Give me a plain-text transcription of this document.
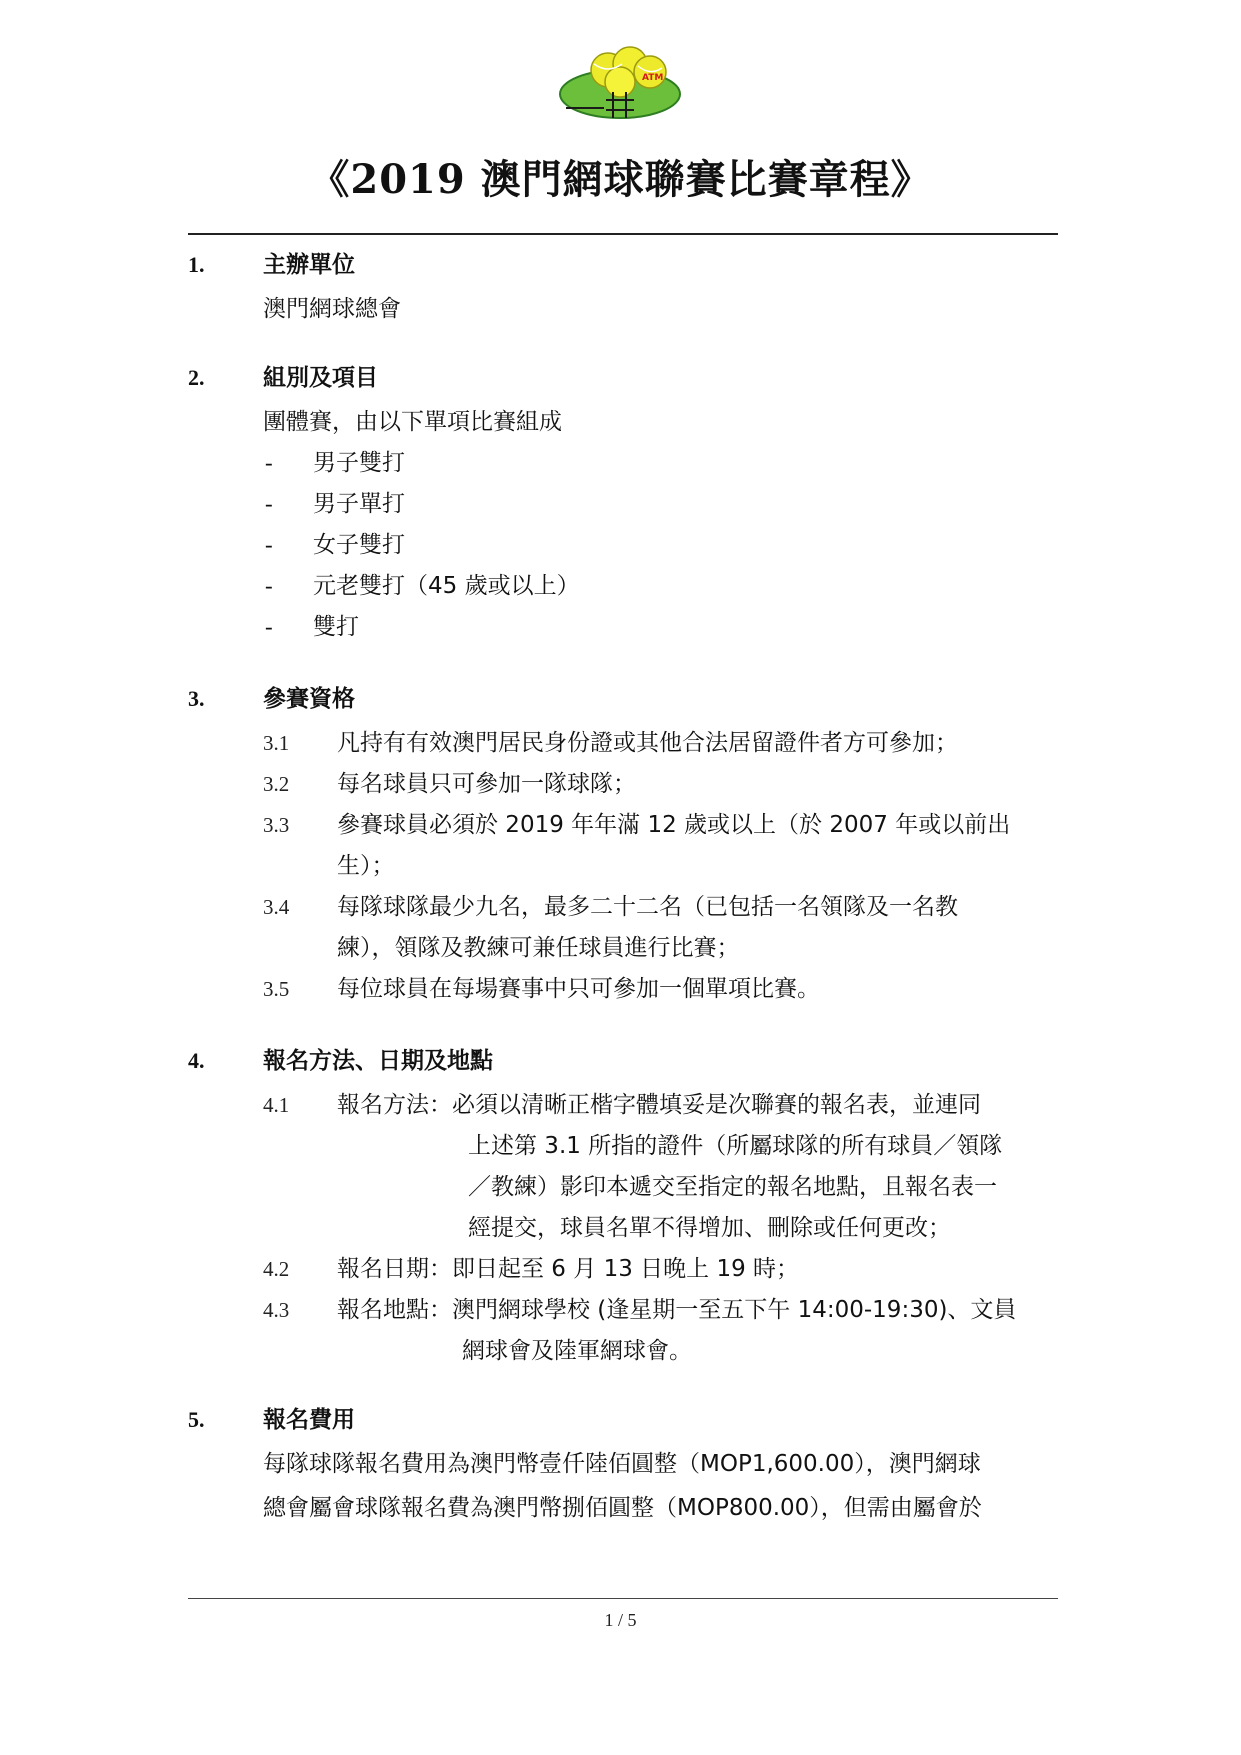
ATM
《2019 澳門網球聯賽比賽章程》
1.	主辦單位
澳門網球總會
2.	組別及項目
團體賽，由以下單項比賽組成
- 男子雙打
- 男子單打
- 女子雙打
- 元老雙打（45 歲或以上）
- 雙打
3.	參賽資格
3.1 凡持有有效澳門居民身份證或其他合法居留證件者方可參加；
3.2 每名球員只可參加一隊球隊；
3.3 參賽球員必須於 2019 年年滿 12 歲或以上（於 2007 年或以前出
生）；
3.4 每隊球隊最少九名，最多二十二名（已包括一名領隊及一名教
練），領隊及教練可兼任球員進行比賽；
3.5 每位球員在每場賽事中只可參加一個單項比賽。
4.	報名方法、日期及地點
4.1 報名方法：必須以清晰正楷字體填妥是次聯賽的報名表，並連同
上述第 3.1 所指的證件（所屬球隊的所有球員／領隊
／教練）影印本遞交至指定的報名地點，且報名表一
經提交，球員名單不得增加、刪除或任何更改；
4.2 報名日期：即日起至 6 月 13 日晚上 19 時；
4.3 報名地點：澳門網球學校 (逢星期一至五下午 14:00-19:30)、文員
網球會及陸軍網球會。
5.	報名費用
每隊球隊報名費用為澳門幣壹仟陸佰圓整（MOP1,600.00），澳門網球
總會屬會球隊報名費為澳門幣捌佰圓整（MOP800.00），但需由屬會於
1 / 5
